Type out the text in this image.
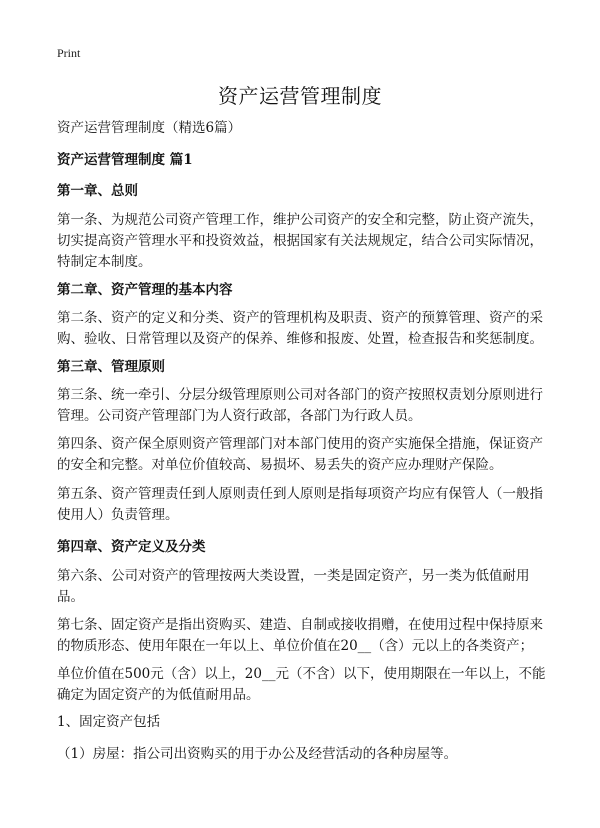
Print
资产运营管理制度

资产运营管理制度（精选6篇）

资产运营管理制度 篇1

第一章、总则

第一条、为规范公司资产管理工作，维护公司资产的安全和完整，防止资产流失，切实提高资产管理水平和投资效益，根据国家有关法规规定，结合公司实际情况，特制定本制度。

第二章、资产管理的基本内容

第二条、资产的定义和分类、资产的管理机构及职责、资产的预算管理、资产的采购、验收、日常管理以及资产的保养、维修和报废、处置，检查报告和奖惩制度。

第三章、管理原则

第三条、统一牵引、分层分级管理原则公司对各部门的资产按照权责划分原则进行管理。公司资产管理部门为人资行政部，各部门为行政人员。

第四条、资产保全原则资产管理部门对本部门使用的资产实施保全措施，保证资产的安全和完整。对单位价值较高、易损坏、易丢失的资产应办理财产保险。

第五条、资产管理责任到人原则责任到人原则是指每项资产均应有保管人（一般指使用人）负责管理。

第四章、资产定义及分类

第六条、公司对资产的管理按两大类设置，一类是固定资产，另一类为低值耐用品。

第七条、固定资产是指出资购买、建造、自制或接收捐赠，在使用过程中保持原来的物质形态、使用年限在一年以上、单位价值在20__（含）元以上的各类资产；

单位价值在500元（含）以上，20__元（不含）以下，使用期限在一年以上，不能确定为固定资产的为低值耐用品。

1、固定资产包括

（1）房屋：指公司出资购买的用于办公及经营活动的各种房屋等。
